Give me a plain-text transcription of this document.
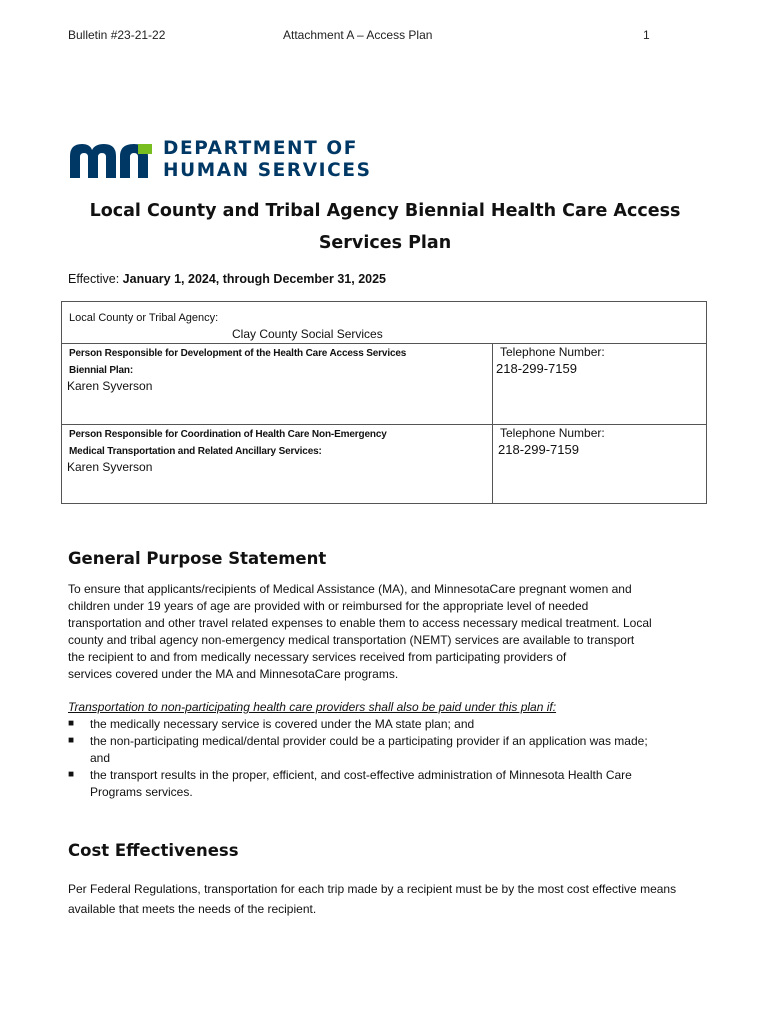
Bulletin #23-21-22	Attachment A – Access Plan	1
DEPARTMENT OF
HUMAN SERVICES
Local County and Tribal Agency Biennial Health Care Access
Services Plan
Effective: January 1, 2024, through December 31, 2025
Local County or Tribal Agency:
Clay County Social Services
Person Responsible for Development of the Health Care Access Services
Biennial Plan:
Karen Syverson
Telephone Number:
218-299-7159
Person Responsible for Coordination of Health Care Non-Emergency
Medical Transportation and Related Ancillary Services:
Karen Syverson
Telephone Number:
218-299-7159
General Purpose Statement
To ensure that applicants/recipients of Medical Assistance (MA), and MinnesotaCare pregnant women and
children under 19 years of age are provided with or reimbursed for the appropriate level of needed
transportation and other travel related expenses to enable them to access necessary medical treatment. Local
county and tribal agency non-emergency medical transportation (NEMT) services are available to transport
the recipient to and from medically necessary services received from participating providers of
services covered under the MA and MinnesotaCare programs.
Transportation to non-participating health care providers shall also be paid under this plan if:
■ the medically necessary service is covered under the MA state plan; and
■ the non-participating medical/dental provider could be a participating provider if an application was made;
and
■ the transport results in the proper, efficient, and cost-effective administration of Minnesota Health Care
Programs services.
Cost Effectiveness
Per Federal Regulations, transportation for each trip made by a recipient must be by the most cost effective means
available that meets the needs of the recipient.
